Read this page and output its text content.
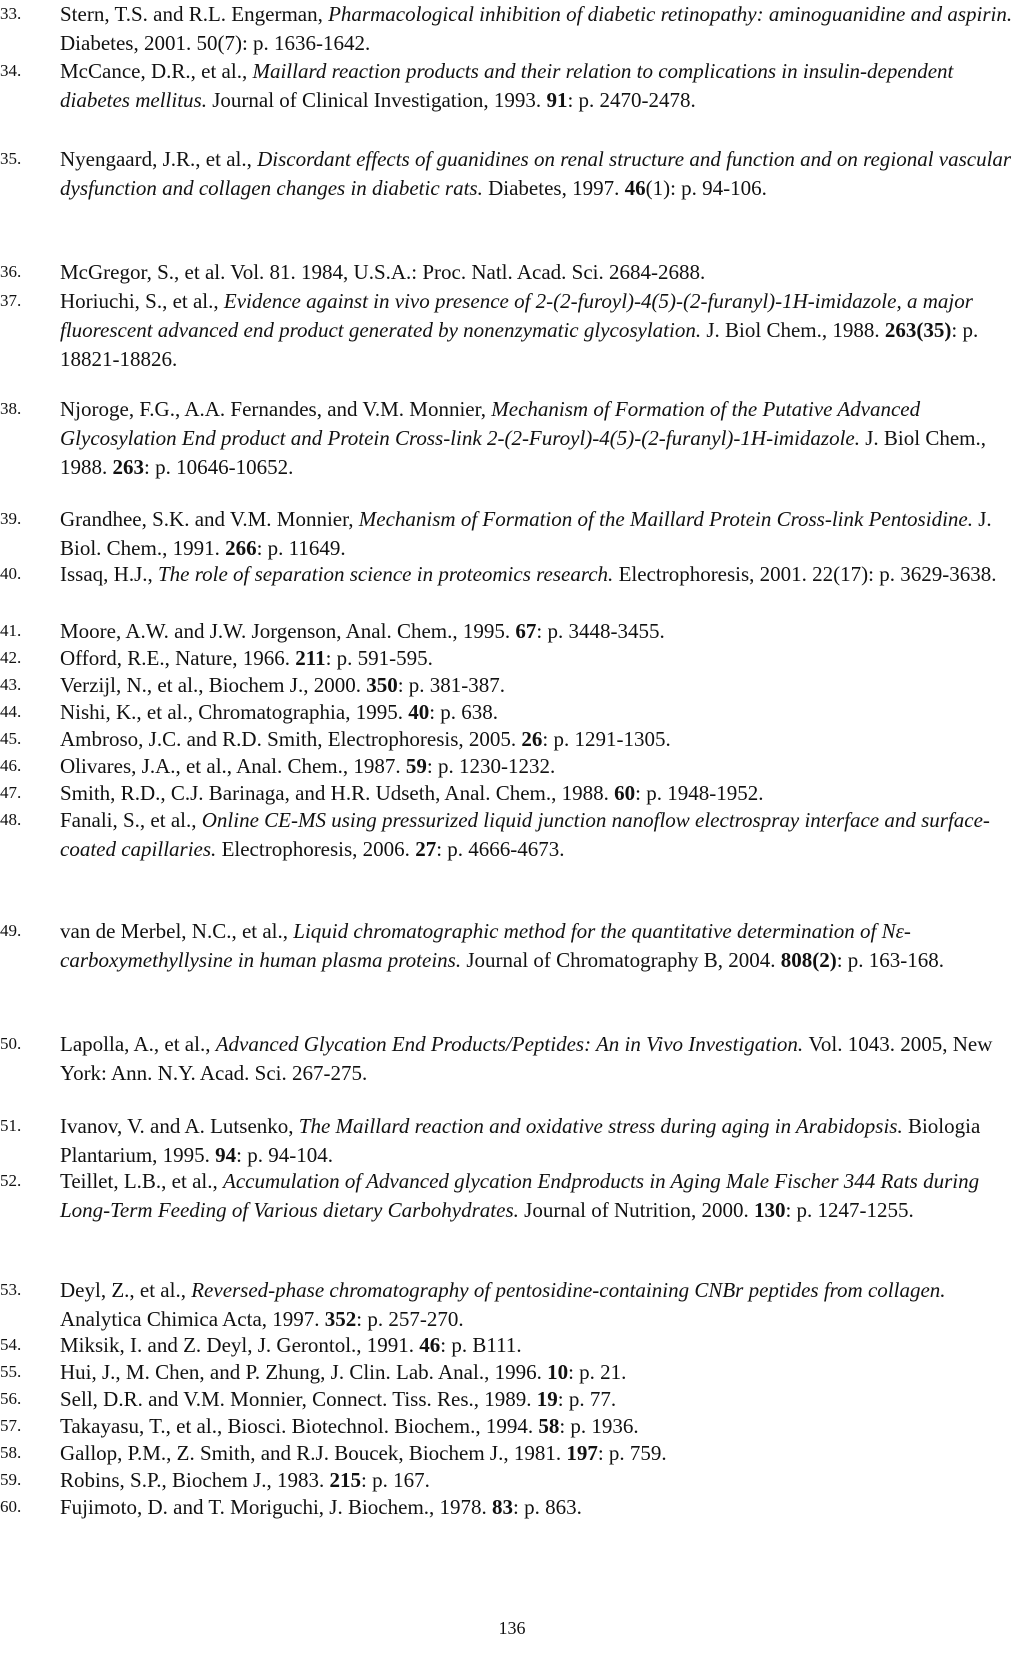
33.	Stern, T.S. and R.L. Engerman, Pharmacological inhibition of diabetic retinopathy: aminoguanidine and aspirin. Diabetes, 2001. 50(7): p. 1636-1642.
34.	McCance, D.R., et al., Maillard reaction products and their relation to complications in insulin-dependent diabetes mellitus. Journal of Clinical Investigation, 1993. 91: p. 2470-2478.
35.	Nyengaard, J.R., et al., Discordant effects of guanidines on renal structure and function and on regional vascular dysfunction and collagen changes in diabetic rats. Diabetes, 1997. 46(1): p. 94-106.
36.	McGregor, S., et al. Vol. 81. 1984, U.S.A.: Proc. Natl. Acad. Sci. 2684-2688.
37.	Horiuchi, S., et al., Evidence against in vivo presence of 2-(2-furoyl)-4(5)-(2-furanyl)-1H-imidazole, a major fluorescent advanced end product generated by nonenzymatic glycosylation. J. Biol Chem., 1988. 263(35): p. 18821-18826.
38.	Njoroge, F.G., A.A. Fernandes, and V.M. Monnier, Mechanism of Formation of the Putative Advanced Glycosylation End product and Protein Cross-link 2-(2-Furoyl)-4(5)-(2-furanyl)-1H-imidazole. J. Biol Chem., 1988. 263: p. 10646-10652.
39.	Grandhee, S.K. and V.M. Monnier, Mechanism of Formation of the Maillard Protein Cross-link Pentosidine. J. Biol. Chem., 1991. 266: p. 11649.
40.	Issaq, H.J., The role of separation science in proteomics research. Electrophoresis, 2001. 22(17): p. 3629-3638.
41.	Moore, A.W. and J.W. Jorgenson, Anal. Chem., 1995. 67: p. 3448-3455.
42.	Offord, R.E., Nature, 1966. 211: p. 591-595.
43.	Verzijl, N., et al., Biochem J., 2000. 350: p. 381-387.
44.	Nishi, K., et al., Chromatographia, 1995. 40: p. 638.
45.	Ambroso, J.C. and R.D. Smith, Electrophoresis, 2005. 26: p. 1291-1305.
46.	Olivares, J.A., et al., Anal. Chem., 1987. 59: p. 1230-1232.
47.	Smith, R.D., C.J. Barinaga, and H.R. Udseth, Anal. Chem., 1988. 60: p. 1948-1952.
48.	Fanali, S., et al., Online CE-MS using pressurized liquid junction nanoflow electrospray interface and surface-coated capillaries. Electrophoresis, 2006. 27: p. 4666-4673.
49.	van de Merbel, N.C., et al., Liquid chromatographic method for the quantitative determination of Nε-carboxymethyllysine in human plasma proteins. Journal of Chromatography B, 2004. 808(2): p. 163-168.
50.	Lapolla, A., et al., Advanced Glycation End Products/Peptides: An in Vivo Investigation. Vol. 1043. 2005, New York: Ann. N.Y. Acad. Sci. 267-275.
51.	Ivanov, V. and A. Lutsenko, The Maillard reaction and oxidative stress during aging in Arabidopsis. Biologia Plantarium, 1995. 94: p. 94-104.
52.	Teillet, L.B., et al., Accumulation of Advanced glycation Endproducts in Aging Male Fischer 344 Rats during Long-Term Feeding of Various dietary Carbohydrates. Journal of Nutrition, 2000. 130: p. 1247-1255.
53.	Deyl, Z., et al., Reversed-phase chromatography of pentosidine-containing CNBr peptides from collagen. Analytica Chimica Acta, 1997. 352: p. 257-270.
54.	Miksik, I. and Z. Deyl, J. Gerontol., 1991. 46: p. B111.
55.	Hui, J., M. Chen, and P. Zhung, J. Clin. Lab. Anal., 1996. 10: p. 21.
56.	Sell, D.R. and V.M. Monnier, Connect. Tiss. Res., 1989. 19: p. 77.
57.	Takayasu, T., et al., Biosci. Biotechnol. Biochem., 1994. 58: p. 1936.
58.	Gallop, P.M., Z. Smith, and R.J. Boucek, Biochem J., 1981. 197: p. 759.
59.	Robins, S.P., Biochem J., 1983. 215: p. 167.
60.	Fujimoto, D. and T. Moriguchi, J. Biochem., 1978. 83: p. 863.
136
